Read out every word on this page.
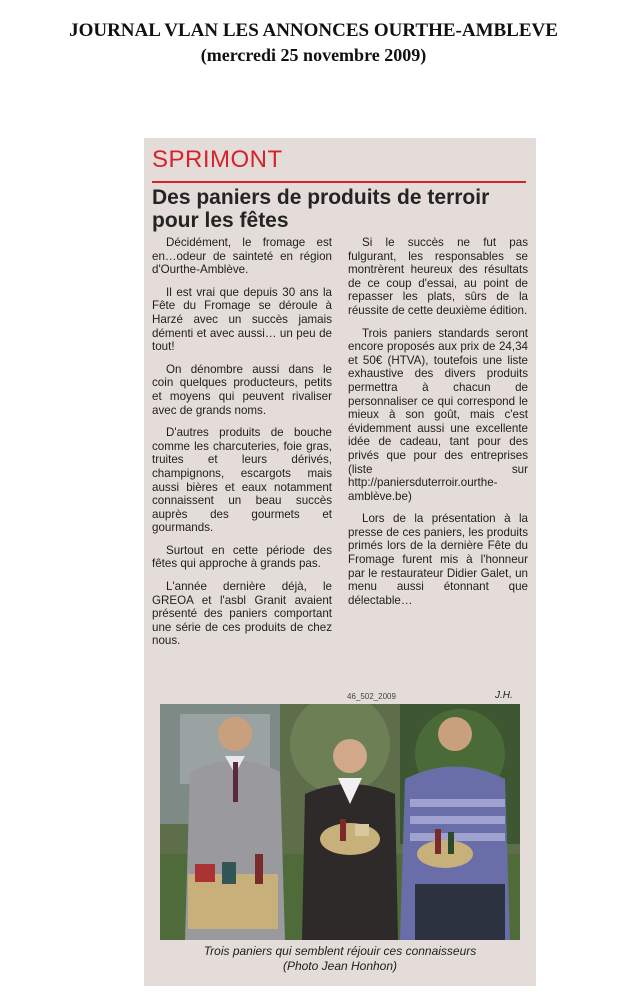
JOURNAL VLAN LES ANNONCES OURTHE-AMBLEVE
(mercredi 25 novembre 2009)
SPRIMONT
Des paniers de produits de terroir pour les fêtes

Décidément, le fromage est en…odeur de sainteté en région d'Ourthe-Amblève.

Il est vrai que depuis 30 ans la Fête du Fromage se déroule à Harzé avec un succès jamais démenti et avec aussi… un peu de tout!

On dénombre aussi dans le coin quelques producteurs, petits et moyens qui peuvent rivaliser avec de grands noms.

D'autres produits de bouche comme les charcuteries, foie gras, truites et leurs dérivés, champignons, escargots mais aussi bières et eaux notamment connaissent un beau succès auprès des gourmets et gourmands.

Surtout en cette période des fêtes qui approche à grands pas.

L'année dernière déjà, le GREOA et l'asbl Granit avaient présenté des paniers comportant une série de ces produits de chez nous.

Si le succès ne fut pas fulgurant, les responsables se montrèrent heureux des résultats de ce coup d'essai, au point de repasser les plats, sûrs de la réussite de cette deuxième édition.

Trois paniers standards seront encore proposés aux prix de 24,34 et 50€ (HTVA), toutefois une liste exhaustive des divers produits permettra à chacun de personnaliser ce qui correspond le mieux à son goût, mais c'est évidemment aussi une excellente idée de cadeau, tant pour des privés que pour des entreprises (liste sur http://paniersduterroir.ourthe-amblève.be)

Lors de la présentation à la presse de ces paniers, les produits primés lors de la dernière Fête du Fromage furent mis à l'honneur par le restaurateur Didier Galet, un menu aussi étonnant que délectable…

46_502_2009	J.H.
Trois paniers qui semblent réjouir ces connaisseurs
(Photo Jean Honhon)
